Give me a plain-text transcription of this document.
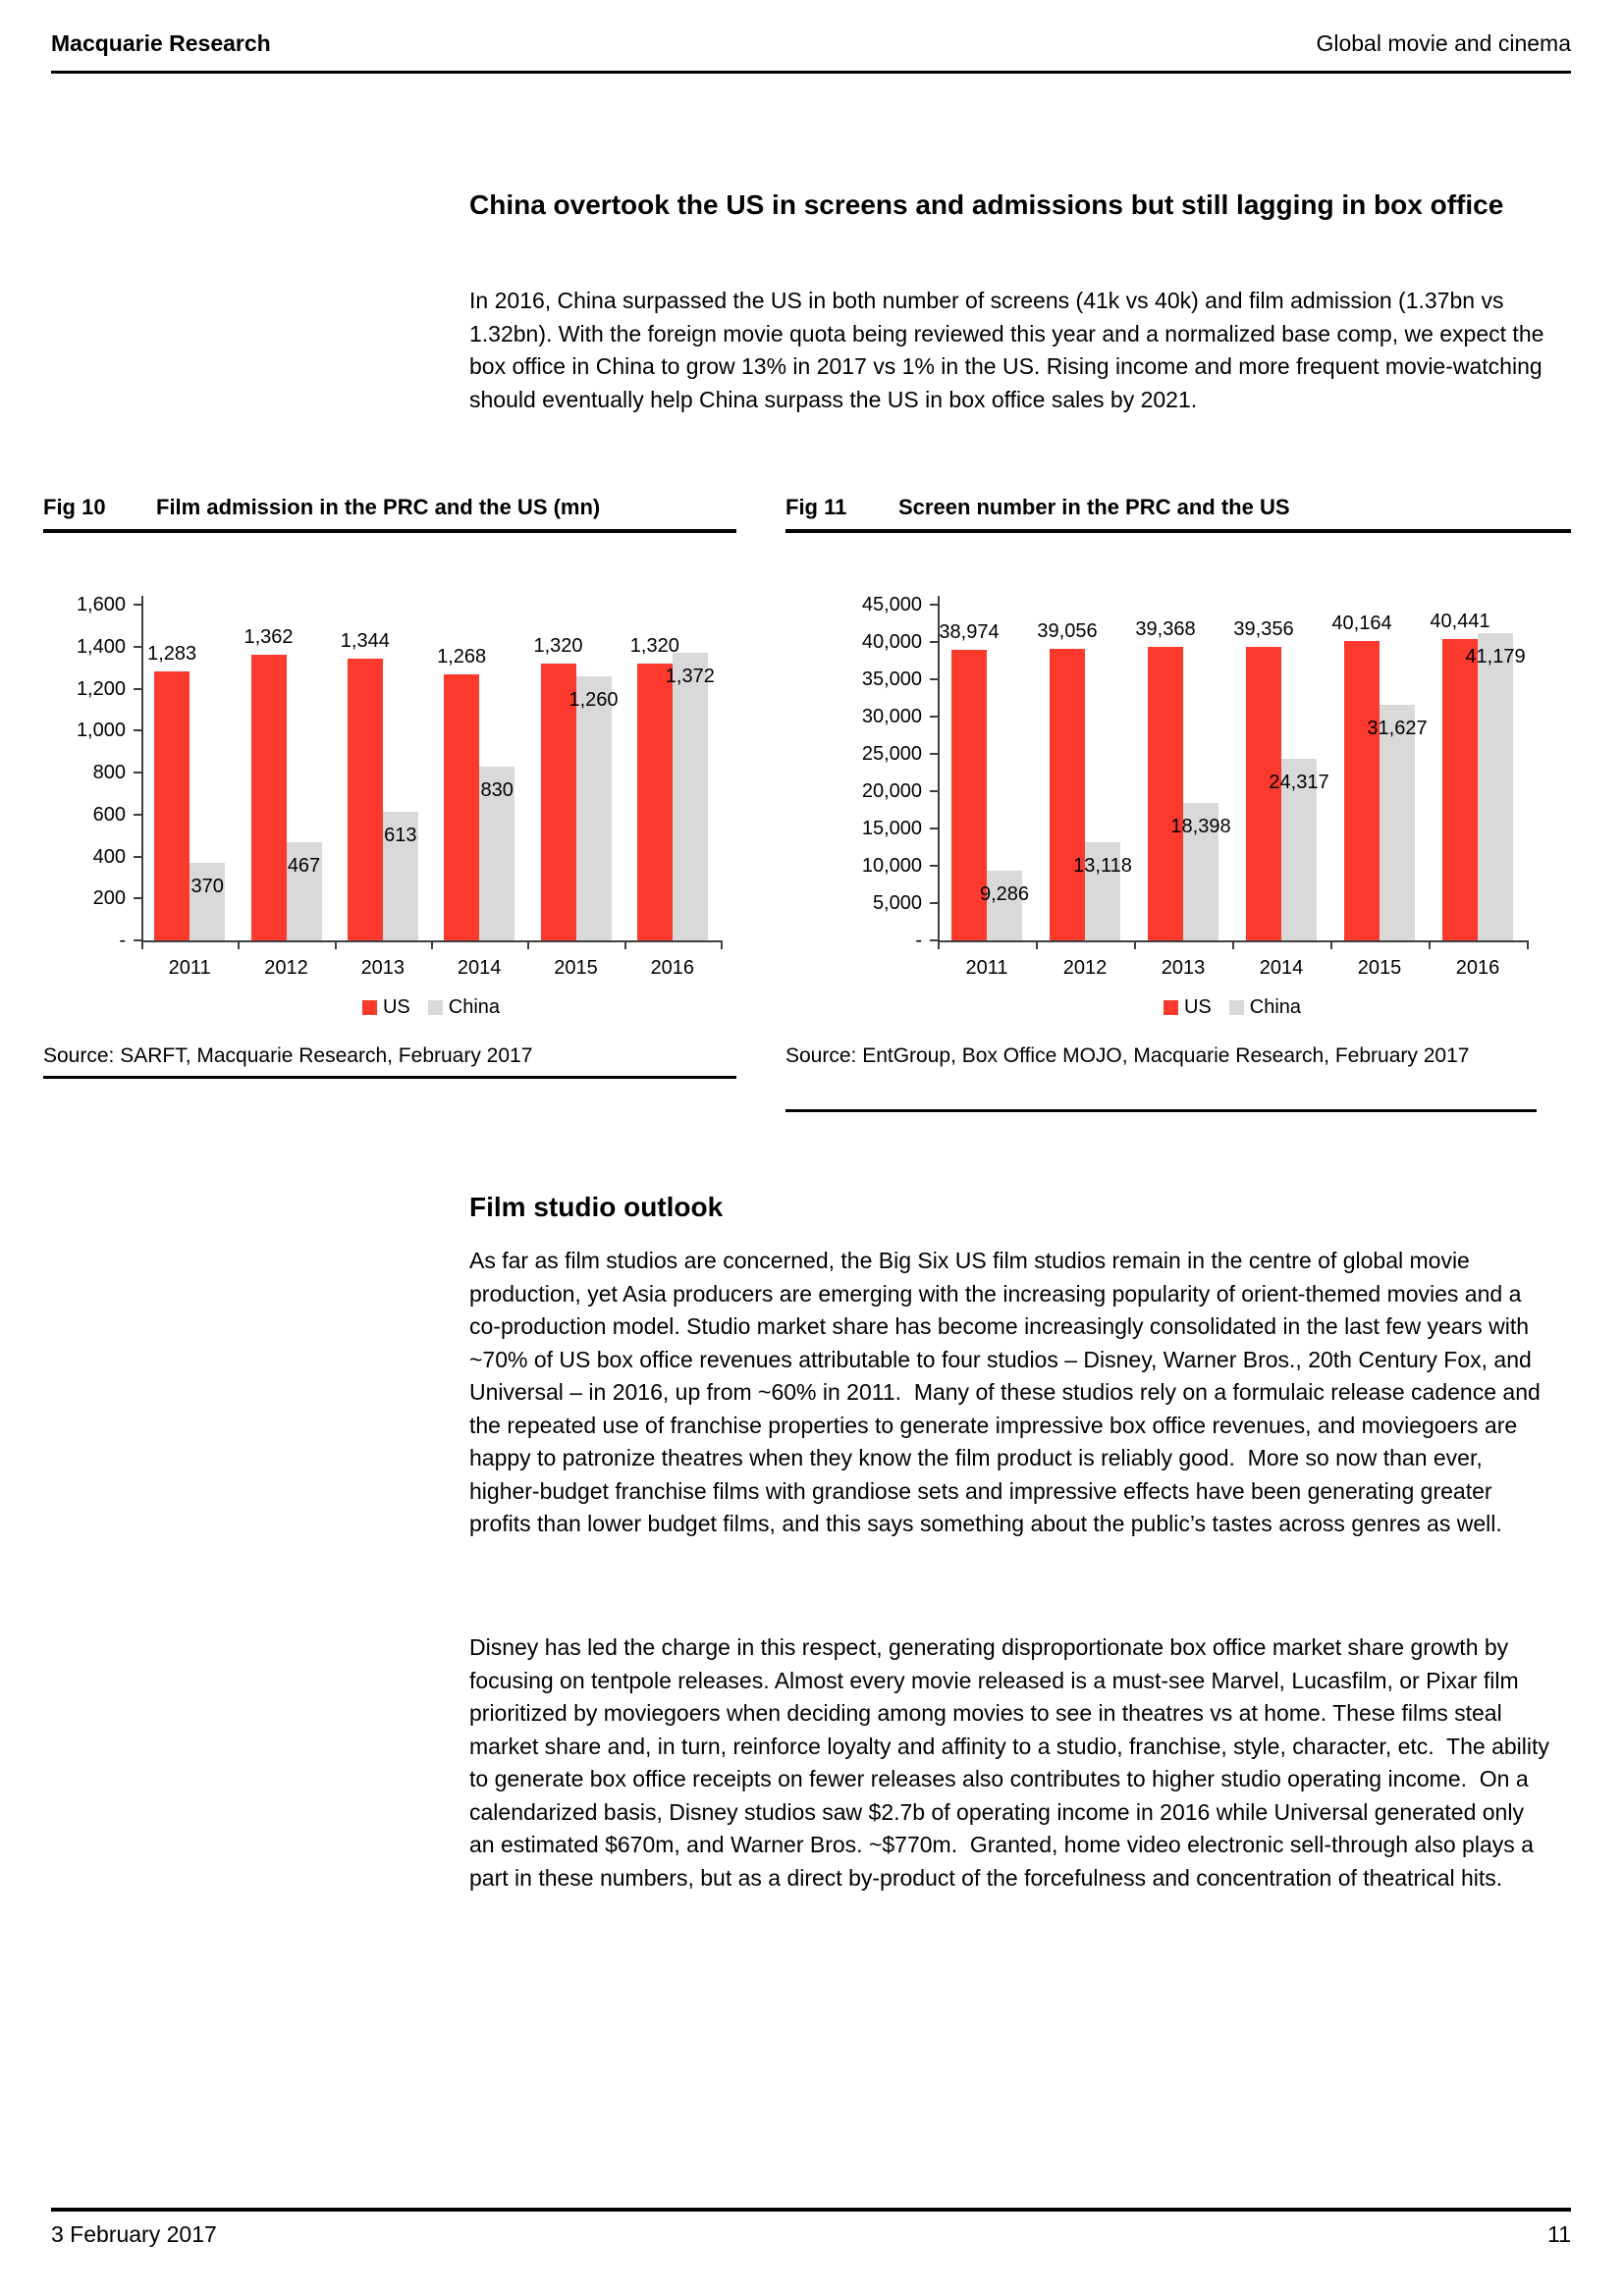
Macquarie Research	Global movie and cinema
China overtook the US in screens and admissions but still lagging in box office
In 2016, China surpassed the US in both number of screens (41k vs 40k) and film admission (1.37bn vs 1.32bn). With the foreign movie quota being reviewed this year and a normalized base comp, we expect the box office in China to grow 13% in 2017 vs 1% in the US. Rising income and more frequent movie-watching should eventually help China surpass the US in box office sales by 2021.
Fig 10	Film admission in the PRC and the US (mn)	Fig 11	Screen number in the PRC and the US
-
200
400
600
800
1,000
1,200
1,400
1,600
1,283
370
2011
1,362
467
2012
1,344
613
2013
1,268
830
2014
1,320
1,260
2015
1,320
1,372
2016
US China
-
5,000
10,000
15,000
20,000
25,000
30,000
35,000
40,000
45,000
38,974
9,286
2011
39,056
13,118
2012
39,368
18,398
2013
39,356
24,317
2014
40,164
31,627
2015
40,441
41,179
2016
US China
Source: SARFT, Macquarie Research, February 2017	Source: EntGroup, Box Office MOJO, Macquarie Research, February 2017
Film studio outlook
As far as film studios are concerned, the Big Six US film studios remain in the centre of global movie production, yet Asia producers are emerging with the increasing popularity of orient-themed movies and a co-production model. Studio market share has become increasingly consolidated in the last few years with ~70% of US box office revenues attributable to four studios – Disney, Warner Bros., 20th Century Fox, and Universal – in 2016, up from ~60% in 2011.  Many of these studios rely on a formulaic release cadence and the repeated use of franchise properties to generate impressive box office revenues, and moviegoers are happy to patronize theatres when they know the film product is reliably good.  More so now than ever, higher-budget franchise films with grandiose sets and impressive effects have been generating greater profits than lower budget films, and this says something about the public’s tastes across genres as well.
Disney has led the charge in this respect, generating disproportionate box office market share growth by focusing on tentpole releases. Almost every movie released is a must-see Marvel, Lucasfilm, or Pixar film prioritized by moviegoers when deciding among movies to see in theatres vs at home. These films steal market share and, in turn, reinforce loyalty and affinity to a studio, franchise, style, character, etc.  The ability to generate box office receipts on fewer releases also contributes to higher studio operating income.  On a calendarized basis, Disney studios saw $2.7b of operating income in 2016 while Universal generated only an estimated $670m, and Warner Bros. ~$770m.  Granted, home video electronic sell-through also plays a part in these numbers, but as a direct by-product of the forcefulness and concentration of theatrical hits.
3 February 2017	11
